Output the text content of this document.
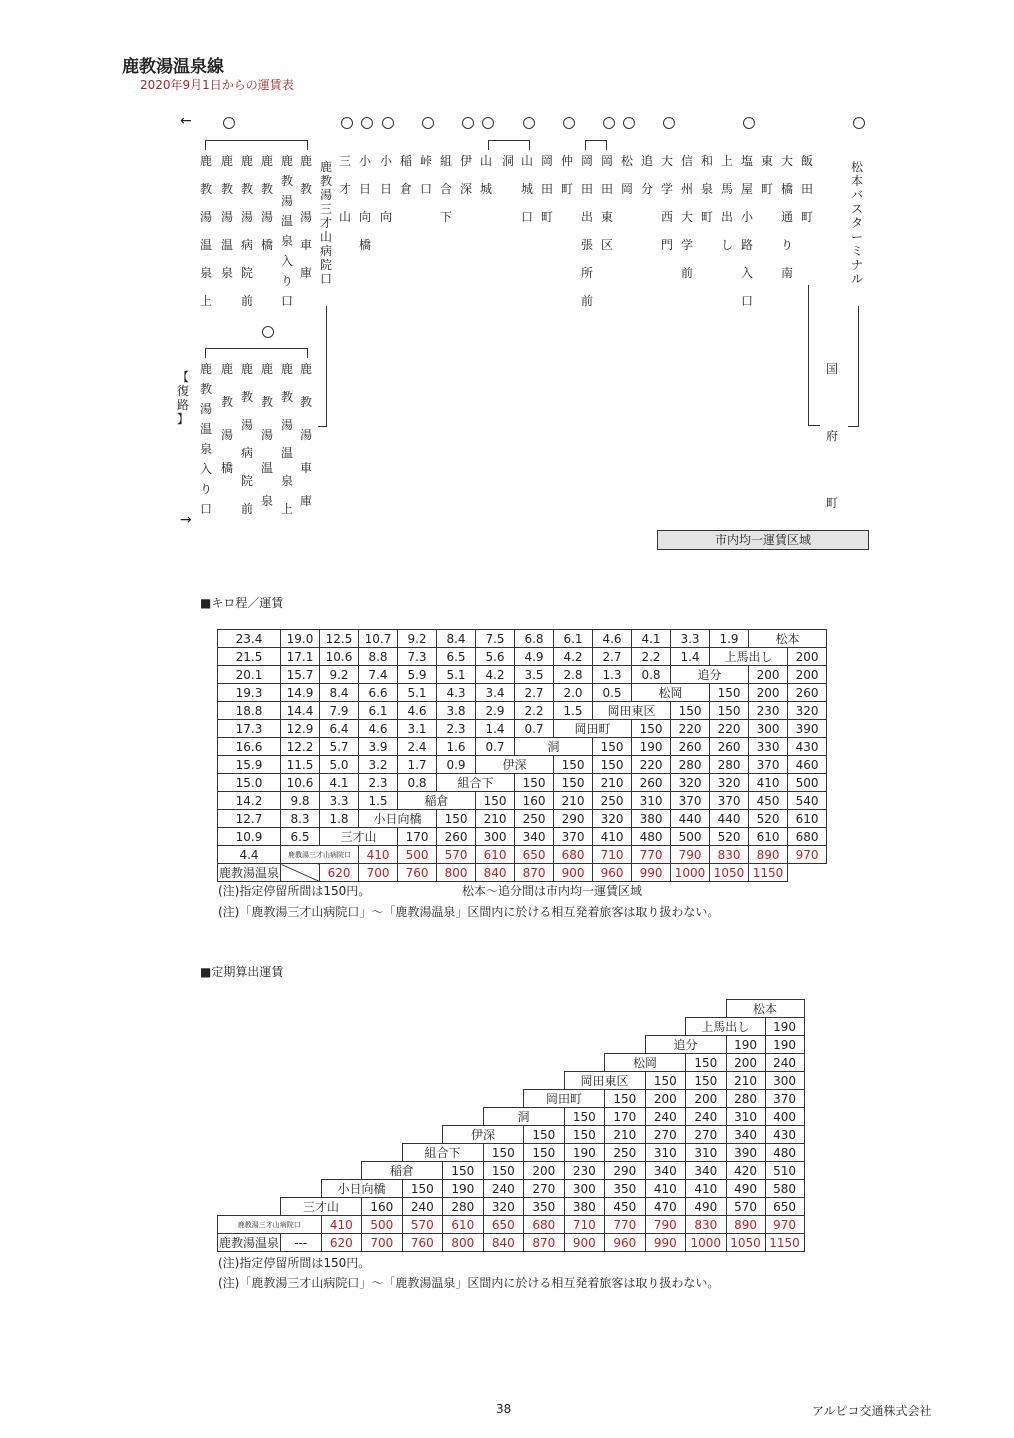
鹿教湯温泉線
2020年9月1日からの運賃表
←
→
【
復
路
】
市内均一運賃区域
鹿
教
湯
温
泉
上
鹿
教
湯
温
泉
鹿
教
湯
病
院
前
鹿
教
湯
橋
鹿
教
湯
温
泉
入
り
口
鹿
教
湯
車
庫
鹿
教
湯
三
才
山
病
院
口
三
才
山
小
日
向
橋
小
日
向
稲
倉
峠
口
組
合
下
伊
深
山
城
洞 山
城
口
岡
田
町
仲
町
岡
田
出
張
所
前
岡
田
東
区
松
岡
追
分
大
学
西
門
信
州
大
学
前
和
泉
町
上
馬
出
し
塩
屋
小
路
入
口
東
町
大
橋
通
り
南
飯
田
町
松
本
バ
ス
タ
ー
ミ
ナ
ル
鹿
教
湯
温
泉
入
り
口
鹿
教
湯
橋
鹿
教
湯
病
院
前
鹿
教
湯
温
泉
鹿
教
湯
温
泉
上
鹿
教
湯
車
庫
国
府
町
■キロ程／運賃
23.4	19.0	12.5	10.7	9.2	8.4	7.5	6.8	6.1	4.6	4.1	3.3	1.9	松本	
21.5	17.1	10.6	8.8	7.3	6.5	5.6	4.9	4.2	2.7	2.2	1.4	上馬出し		200
20.1	15.7	9.2	7.4	5.9	5.1	4.2	3.5	2.8	1.3	0.8	追分		200	200
19.3	14.9	8.4	6.6	5.1	4.3	3.4	2.7	2.0	0.5	松岡		150	200	260
18.8	14.4	7.9	6.1	4.6	3.8	2.9	2.2	1.5	岡田東区		150	150	230	320
17.3	12.9	6.4	4.6	3.1	2.3	1.4	0.7	岡田町		150	220	220	300	390
16.6	12.2	5.7	3.9	2.4	1.6	0.7	洞		150	190	260	260	330	430
15.9	11.5	5.0	3.2	1.7	0.9	伊深		150	150	220	280	280	370	460
15.0	10.6	4.1	2.3	0.8	組合下		150	150	210	260	320	320	410	500
14.2	9.8	3.3	1.5	稲倉		150	160	210	250	310	370	370	450	540
12.7	8.3	1.8	小日向橋		150	210	250	290	320	380	440	440	520	610
10.9	6.5	三才山		170	260	300	340	370	410	480	500	520	610	680
4.4	鹿教湯三才山病院口		410	500	570	610	650	680	710	770	790	830	890	970
鹿教湯温泉		620	700	760	800	840	870	900	960	990	1000	1050	1150	
(注)指定停留所間は150円。	松本～追分間は市内均一運賃区域
(注)「鹿教湯三才山病院口」～「鹿教湯温泉」区間内に於ける相互発着旅客は取り扱わない。
■定期算出運賃
												松本	
											上馬出し		190
										追分		190	190
									松岡		150	200	240
								岡田東区		150	150	210	300
							岡田町		150	200	200	280	370
						洞		150	170	240	240	310	400
					伊深		150	150	210	270	270	340	430
				組合下		150	150	190	250	310	310	390	480
			稲倉		150	150	200	230	290	340	340	420	510
		小日向橋		150	190	240	270	300	350	410	410	490	580
	三才山		160	240	280	320	350	380	450	470	490	570	650
鹿教湯三才山病院口		410	500	570	610	650	680	710	770	790	830	890	970
鹿教湯温泉	---	620	700	760	800	840	870	900	960	990	1000	1050	1150
(注)指定停留所間は150円。
(注)「鹿教湯三才山病院口」～「鹿教湯温泉」区間内に於ける相互発着旅客は取り扱わない。
38	アルピコ交通株式会社
